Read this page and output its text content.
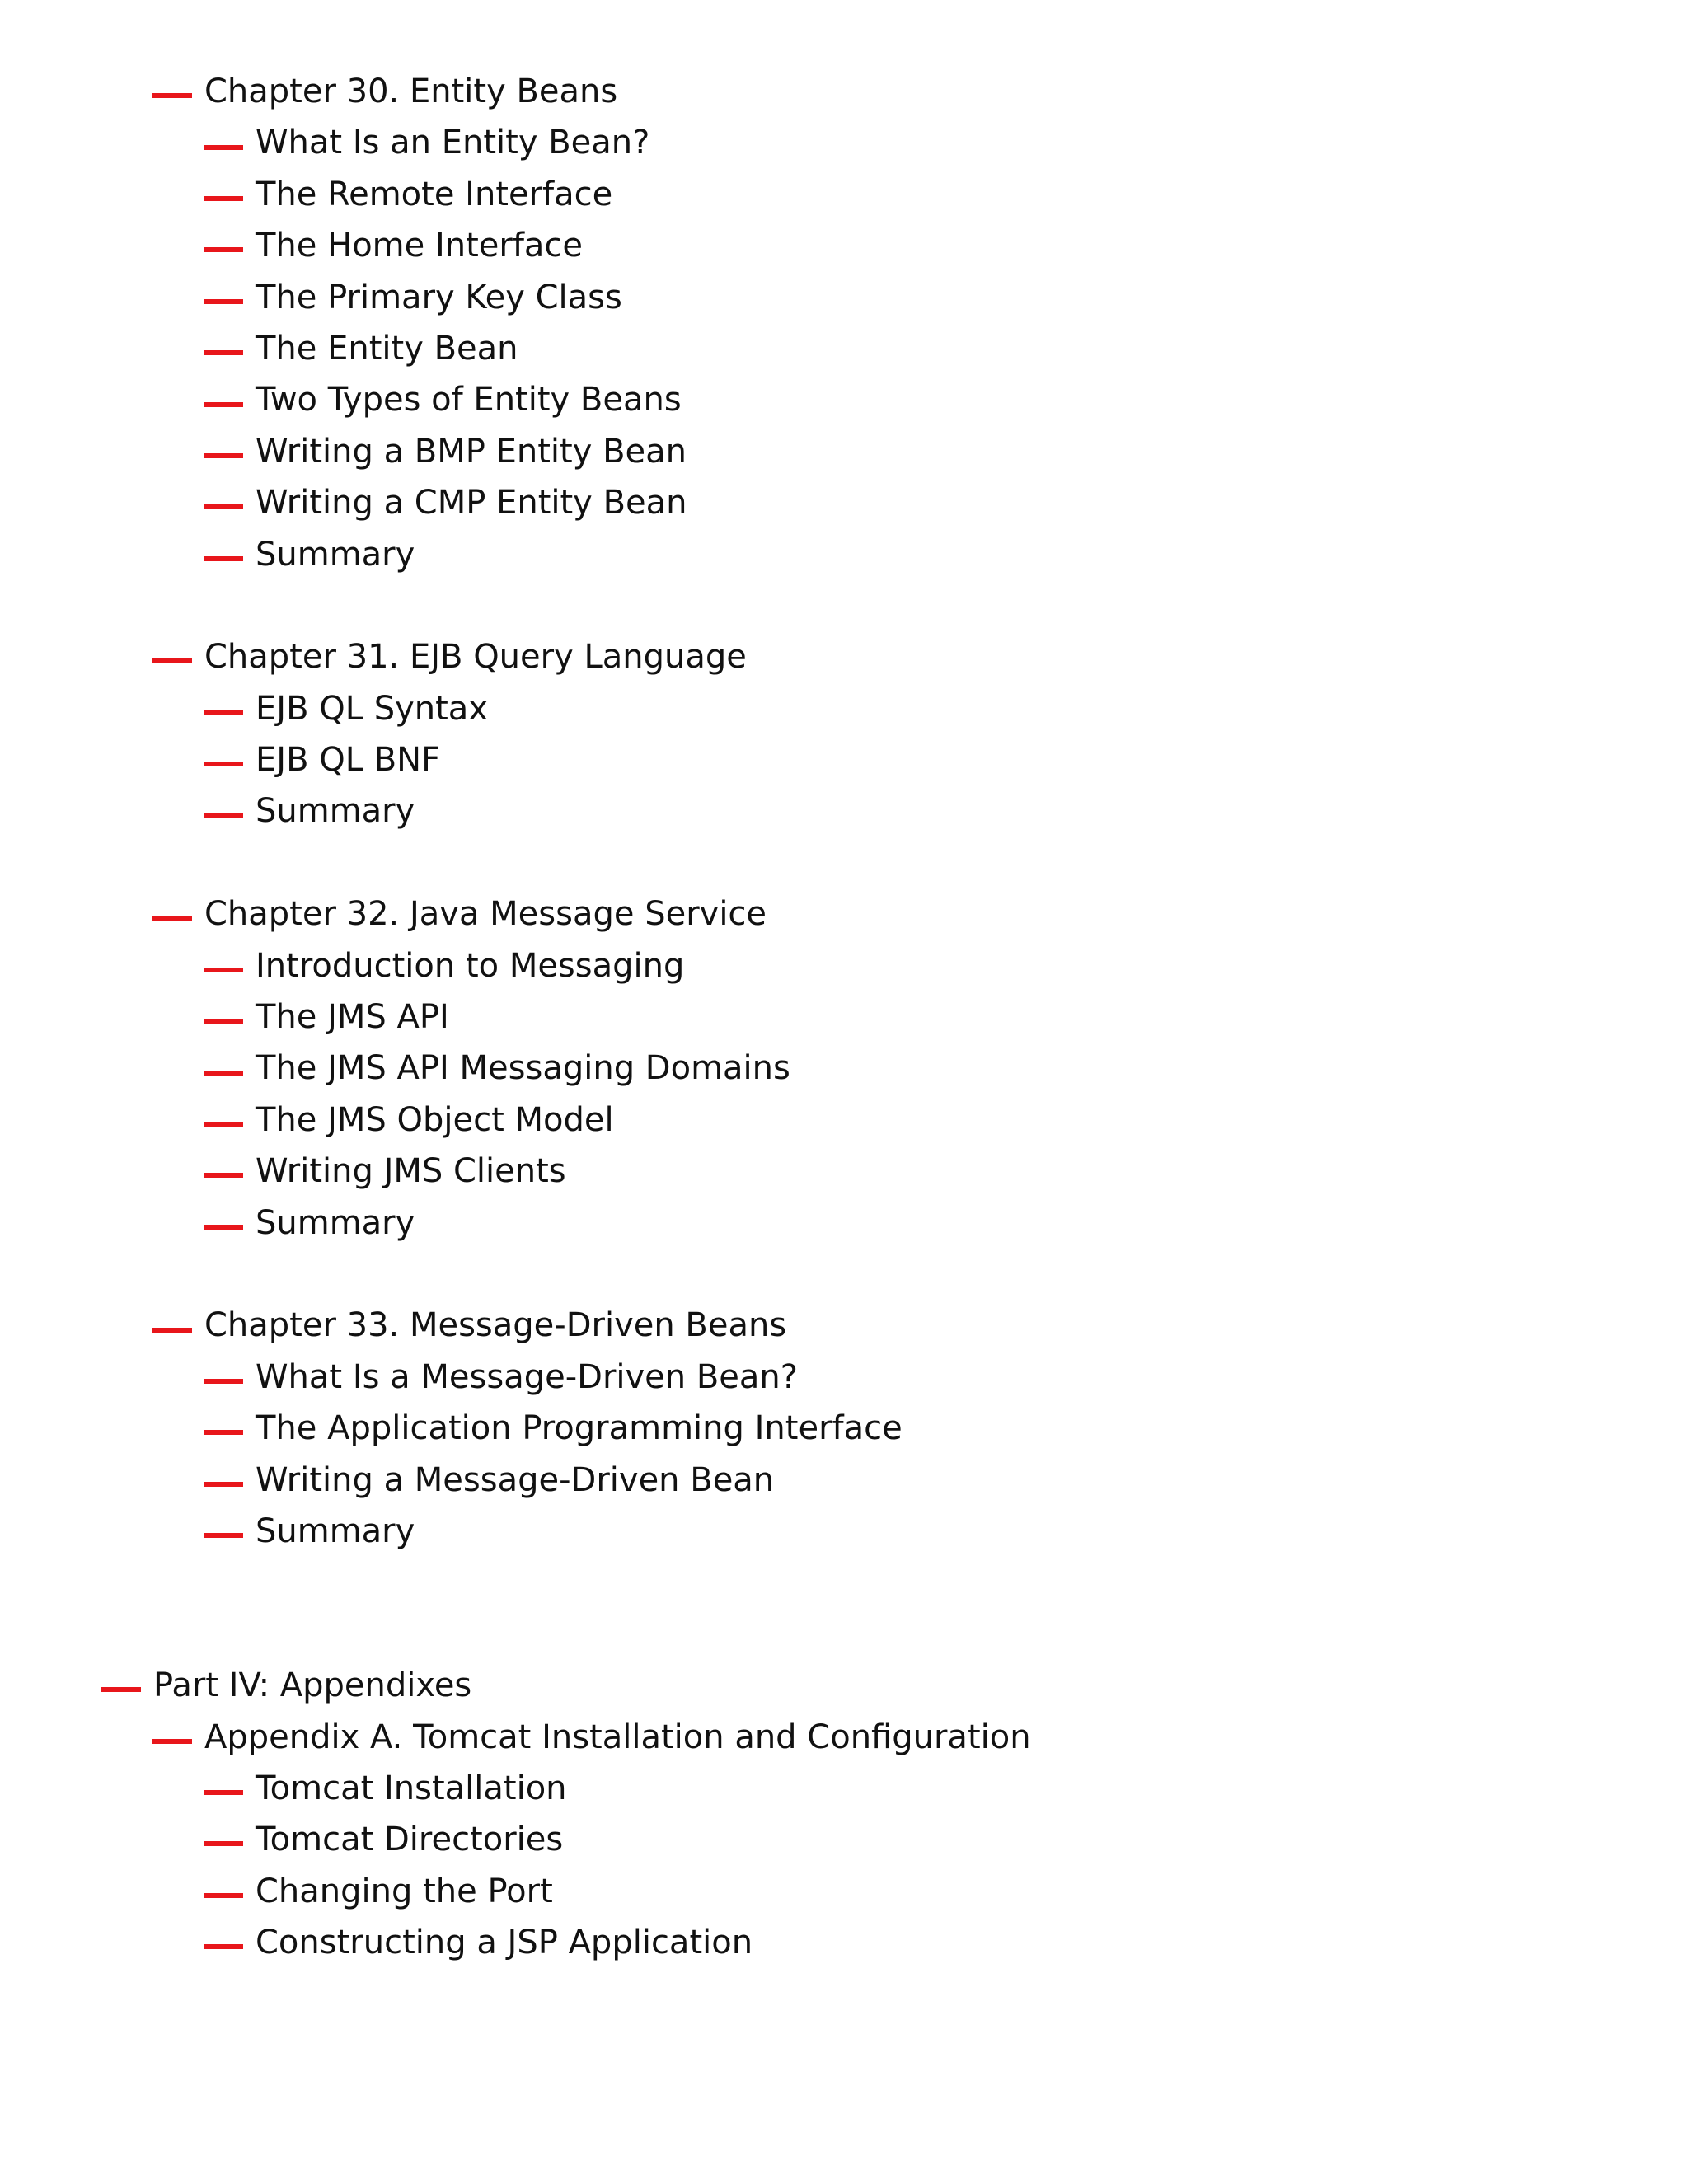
Chapter 30. Entity Beans
What Is an Entity Bean?
The Remote Interface
The Home Interface
The Primary Key Class
The Entity Bean
Two Types of Entity Beans
Writing a BMP Entity Bean
Writing a CMP Entity Bean
Summary
Chapter 31. EJB Query Language
EJB QL Syntax
EJB QL BNF
Summary
Chapter 32. Java Message Service
Introduction to Messaging
The JMS API
The JMS API Messaging Domains
The JMS Object Model
Writing JMS Clients
Summary
Chapter 33. Message-Driven Beans
What Is a Message-Driven Bean?
The Application Programming Interface
Writing a Message-Driven Bean
Summary
Part IV: Appendixes
Appendix A. Tomcat Installation and Configuration
Tomcat Installation
Tomcat Directories
Changing the Port
Constructing a JSP Application
